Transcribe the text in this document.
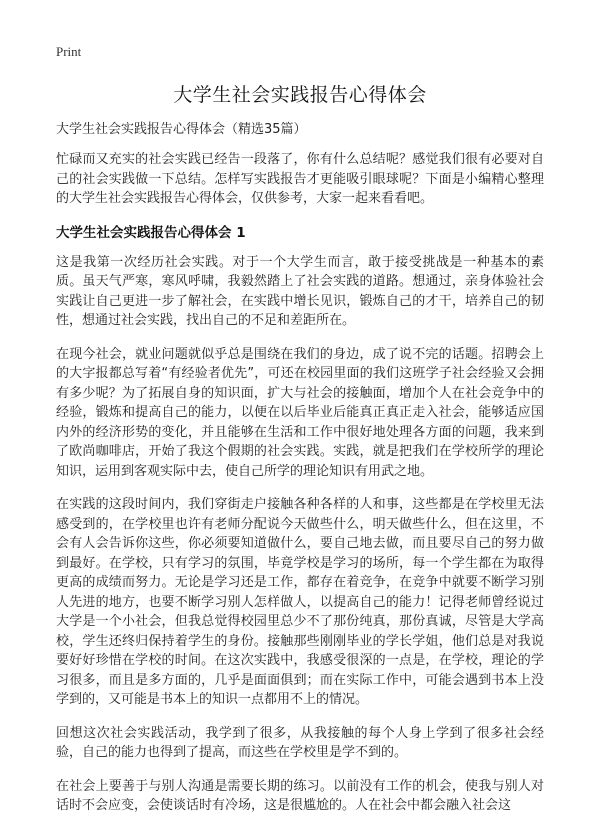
Print
大学生社会实践报告心得体会

大学生社会实践报告心得体会（精选35篇）

忙碌而又充实的社会实践已经告一段落了，你有什么总结呢？感觉我们很有必要对自己的社会实践做一下总结。怎样写实践报告才更能吸引眼球呢？下面是小编精心整理的大学生社会实践报告心得体会，仅供参考，大家一起来看看吧。

大学生社会实践报告心得体会 1

这是我第一次经历社会实践。对于一个大学生而言，敢于接受挑战是一种基本的素质。虽天气严寒，寒风呼啸，我毅然踏上了社会实践的道路。想通过，亲身体验社会实践让自己更进一步了解社会，在实践中增长见识，锻炼自己的才干，培养自己的韧性，想通过社会实践，找出自己的不足和差距所在。

在现今社会，就业问题就似乎总是围绕在我们的身边，成了说不完的话题。招聘会上的大字报都总写着“有经验者优先”，可还在校园里面的我们这班学子社会经验又会拥有多少呢？为了拓展自身的知识面，扩大与社会的接触面，增加个人在社会竞争中的经验，锻炼和提高自己的能力，以便在以后毕业后能真正真正走入社会，能够适应国内外的经济形势的变化，并且能够在生活和工作中很好地处理各方面的问题，我来到了欧尚咖啡店，开始了我这个假期的社会实践。实践，就是把我们在学校所学的理论知识，运用到客观实际中去，使自己所学的理论知识有用武之地。

在实践的这段时间内，我们穿街走户接触各种各样的人和事，这些都是在学校里无法感受到的，在学校里也许有老师分配说今天做些什么，明天做些什么，但在这里，不会有人会告诉你这些，你必须要知道做什么，要自己地去做，而且要尽自己的努力做到最好。在学校，只有学习的氛围，毕竟学校是学习的场所，每一个学生都在为取得更高的成绩而努力。无论是学习还是工作，都存在着竞争，在竞争中就要不断学习别人先进的地方，也要不断学习别人怎样做人，以提高自己的能力！记得老师曾经说过大学是一个小社会，但我总觉得校园里总少不了那份纯真，那份真诚，尽管是大学高校，学生还终归保持着学生的身份。接触那些刚刚毕业的学长学姐，他们总是对我说要好好珍惜在学校的时间。在这次实践中，我感受很深的一点是，在学校，理论的学习很多，而且是多方面的，几乎是面面俱到；而在实际工作中，可能会遇到书本上没学到的，又可能是书本上的知识一点都用不上的情况。

回想这次社会实践活动，我学到了很多，从我接触的每个人身上学到了很多社会经验，自己的能力也得到了提高，而这些在学校里是学不到的。

在社会上要善于与别人沟通是需要长期的练习。以前没有工作的机会，使我与别人对话时不会应变，会使谈话时有冷场，这是很尴尬的。人在社会中都会融入社会这
